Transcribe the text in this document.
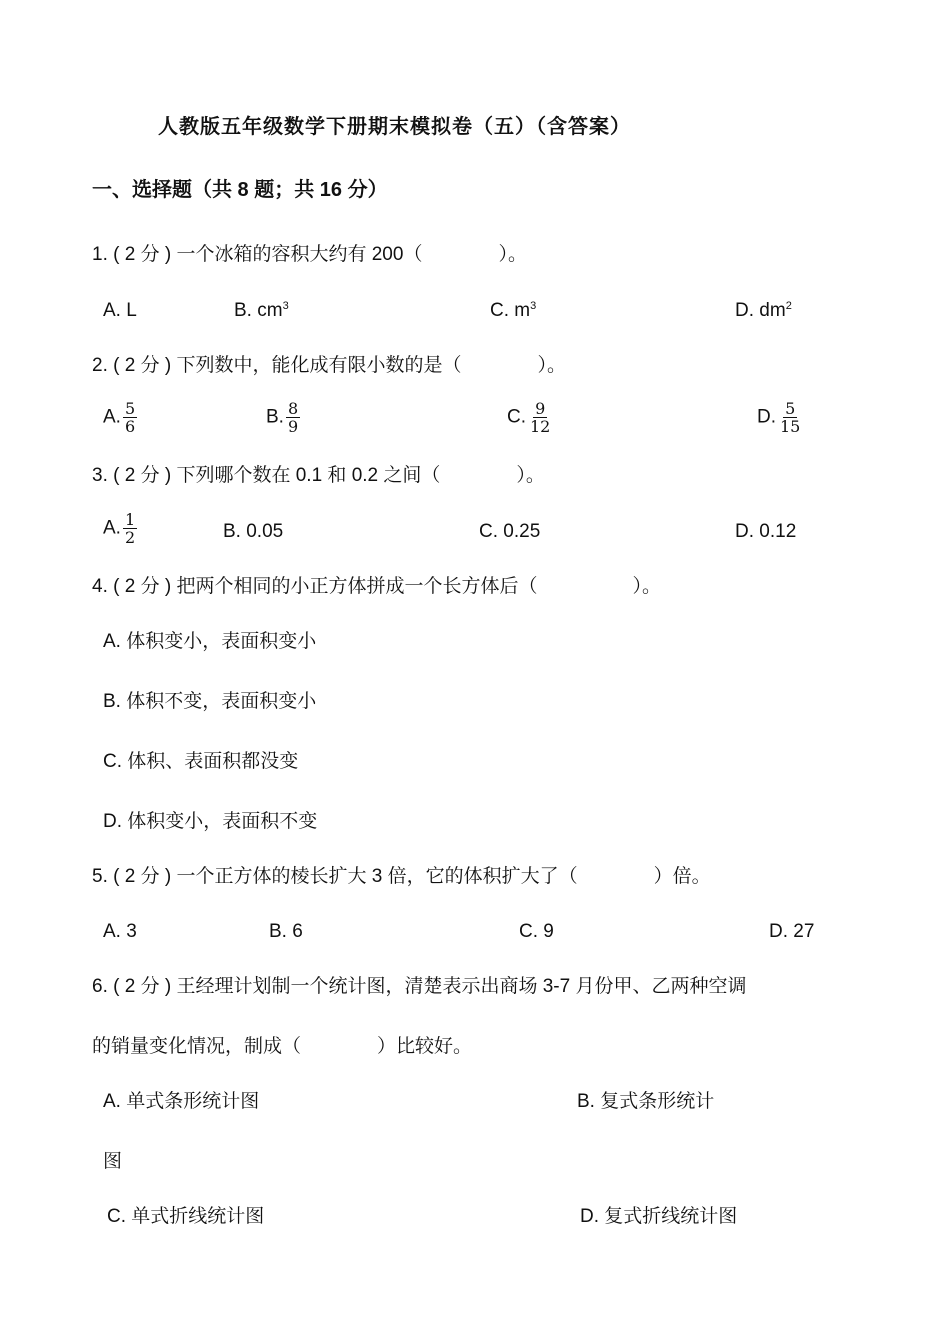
人教版五年级数学下册期末模拟卷（五）（含答案）
一、选择题（共 8 题；共 16 分）
1. ( 2 分 ) 一个冰箱的容积大约有 200（　　　　）。
A. L	B. $cm^3$	C. $m^3$	D. $dm^2$
2. ( 2 分 ) 下列数中，能化成有限小数的是（　　　　）。
A. $\frac{5}{6}$	B. $\frac{8}{9}$	C. $\frac{9}{12}$	D. $\frac{5}{15}$
3. ( 2 分 ) 下列哪个数在 0.1 和 0.2 之间（　　　　）。
A. $\frac{1}{2}$	B. 0.05	C. 0.25	D. 0.12
4. ( 2 分 ) 把两个相同的小正方体拼成一个长方体后（　　　　　）。
A. 体积变小，表面积变小
B. 体积不变，表面积变小
C. 体积、表面积都没变
D. 体积变小，表面积不变
5. ( 2 分 ) 一个正方体的棱长扩大 3 倍，它的体积扩大了（　　　　）倍。
A. 3	B. 6	C. 9	D. 27
6. ( 2 分 ) 王经理计划制一个统计图，清楚表示出商场 3-7 月份甲、乙两种空调
的销量变化情况，制成（　　　　）比较好。
A. 单式条形统计图	B. 复式条形统计
图
C. 单式折线统计图	D. 复式折线统计图
